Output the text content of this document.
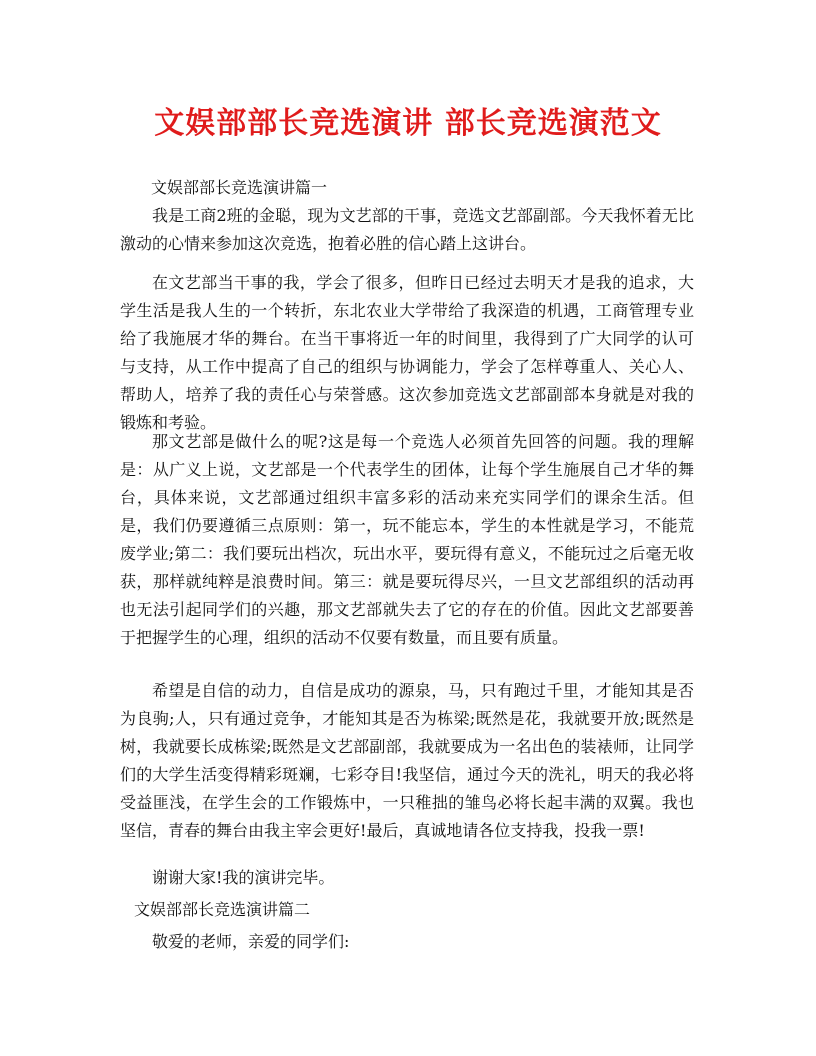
文娱部部长竞选演讲 部长竞选演范文
文娱部部长竞选演讲篇一

我是工商2班的金聪，现为文艺部的干事，竞选文艺部副部。今天我怀着无比激动的心情来参加这次竞选，抱着必胜的信心踏上这讲台。

在文艺部当干事的我，学会了很多，但昨日已经过去明天才是我的追求，大学生活是我人生的一个转折，东北农业大学带给了我深造的机遇，工商管理专业给了我施展才华的舞台。在当干事将近一年的时间里，我得到了广大同学的认可与支持，从工作中提高了自己的组织与协调能力，学会了怎样尊重人、关心人、帮助人，培养了我的责任心与荣誉感。这次参加竞选文艺部副部本身就是对我的锻炼和考验。

那文艺部是做什么的呢?这是每一个竞选人必须首先回答的问题。我的理解是：从广义上说，文艺部是一个代表学生的团体，让每个学生施展自己才华的舞台，具体来说，文艺部通过组织丰富多彩的活动来充实同学们的课余生活。但是，我们仍要遵循三点原则：第一，玩不能忘本，学生的本性就是学习，不能荒废学业;第二：我们要玩出档次，玩出水平，要玩得有意义，不能玩过之后毫无收获，那样就纯粹是浪费时间。第三：就是要玩得尽兴，一旦文艺部组织的活动再也无法引起同学们的兴趣，那文艺部就失去了它的存在的价值。因此文艺部要善于把握学生的心理，组织的活动不仅要有数量，而且要有质量。

希望是自信的动力，自信是成功的源泉，马，只有跑过千里，才能知其是否为良驹;人，只有通过竞争，才能知其是否为栋梁;既然是花，我就要开放;既然是树，我就要长成栋梁;既然是文艺部副部，我就要成为一名出色的装裱师，让同学们的大学生活变得精彩斑斓，七彩夺目!我坚信，通过今天的洗礼，明天的我必将受益匪浅，在学生会的工作锻炼中，一只稚拙的雏鸟必将长起丰满的双翼。我也坚信，青春的舞台由我主宰会更好!最后，真诚地请各位支持我，投我一票!

谢谢大家!我的演讲完毕。

文娱部部长竞选演讲篇二

敬爱的老师，亲爱的同学们:
